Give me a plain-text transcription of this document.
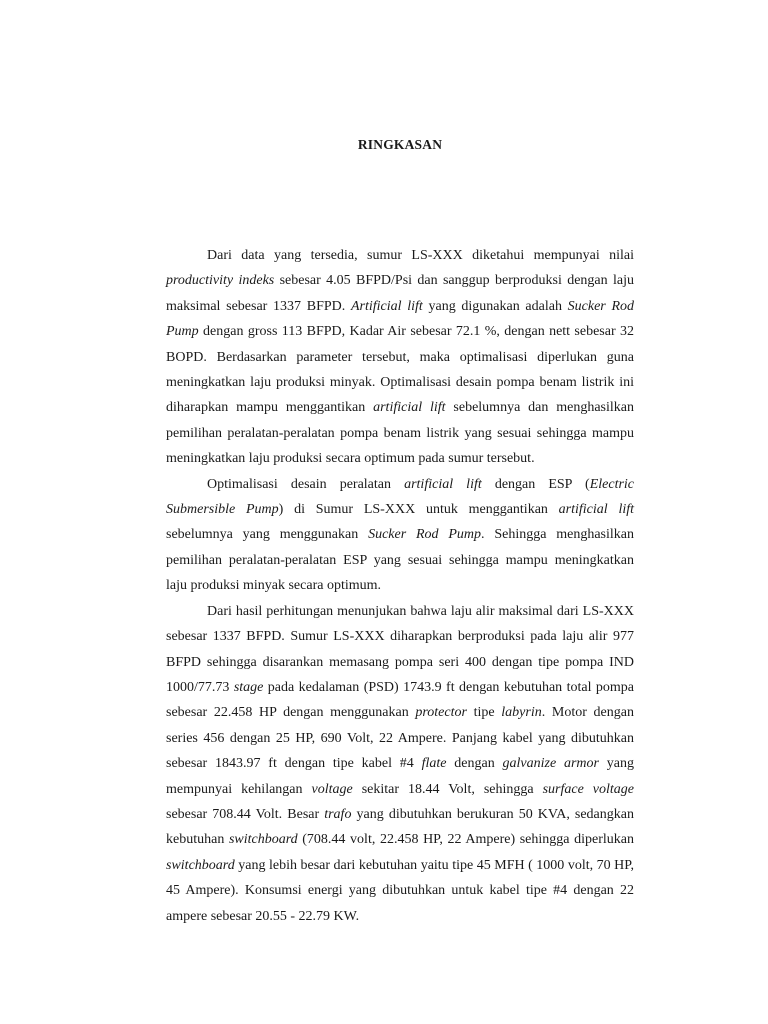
RINGKASAN

Dari data yang tersedia, sumur LS-XXX diketahui mempunyai nilai productivity indeks sebesar 4.05 BFPD/Psi dan sanggup berproduksi dengan laju maksimal sebesar 1337 BFPD. Artificial lift yang digunakan adalah Sucker Rod Pump dengan gross 113 BFPD, Kadar Air sebesar 72.1 %, dengan nett sebesar 32 BOPD. Berdasarkan parameter tersebut, maka optimalisasi diperlukan guna meningkatkan laju produksi minyak. Optimalisasi desain pompa benam listrik ini diharapkan mampu menggantikan artificial lift sebelumnya dan menghasilkan pemilihan peralatan-peralatan pompa benam listrik yang sesuai sehingga mampu meningkatkan laju produksi secara optimum pada sumur tersebut.

Optimalisasi desain peralatan artificial lift dengan ESP (Electric Submersible Pump) di Sumur LS-XXX untuk menggantikan artificial lift sebelumnya yang menggunakan Sucker Rod Pump. Sehingga menghasilkan pemilihan peralatan-peralatan ESP yang sesuai sehingga mampu meningkatkan laju produksi minyak secara optimum.

Dari hasil perhitungan menunjukan bahwa laju alir maksimal dari LS-XXX sebesar 1337 BFPD. Sumur LS-XXX diharapkan berproduksi pada laju alir 977 BFPD sehingga disarankan memasang pompa seri 400 dengan tipe pompa IND 1000/77.73 stage pada kedalaman (PSD) 1743.9 ft dengan kebutuhan total pompa sebesar 22.458 HP dengan menggunakan protector tipe labyrin. Motor dengan series 456 dengan 25 HP, 690 Volt, 22 Ampere. Panjang kabel yang dibutuhkan sebesar 1843.97 ft dengan tipe kabel #4 flate dengan galvanize armor yang mempunyai kehilangan voltage sekitar 18.44 Volt, sehingga surface voltage sebesar 708.44 Volt. Besar trafo yang dibutuhkan berukuran 50 KVA, sedangkan kebutuhan switchboard (708.44 volt, 22.458 HP, 22 Ampere) sehingga diperlukan switchboard yang lebih besar dari kebutuhan yaitu tipe 45 MFH ( 1000 volt, 70 HP, 45 Ampere). Konsumsi energi yang dibutuhkan untuk kabel tipe #4 dengan 22 ampere sebesar 20.55 - 22.79 KW.
